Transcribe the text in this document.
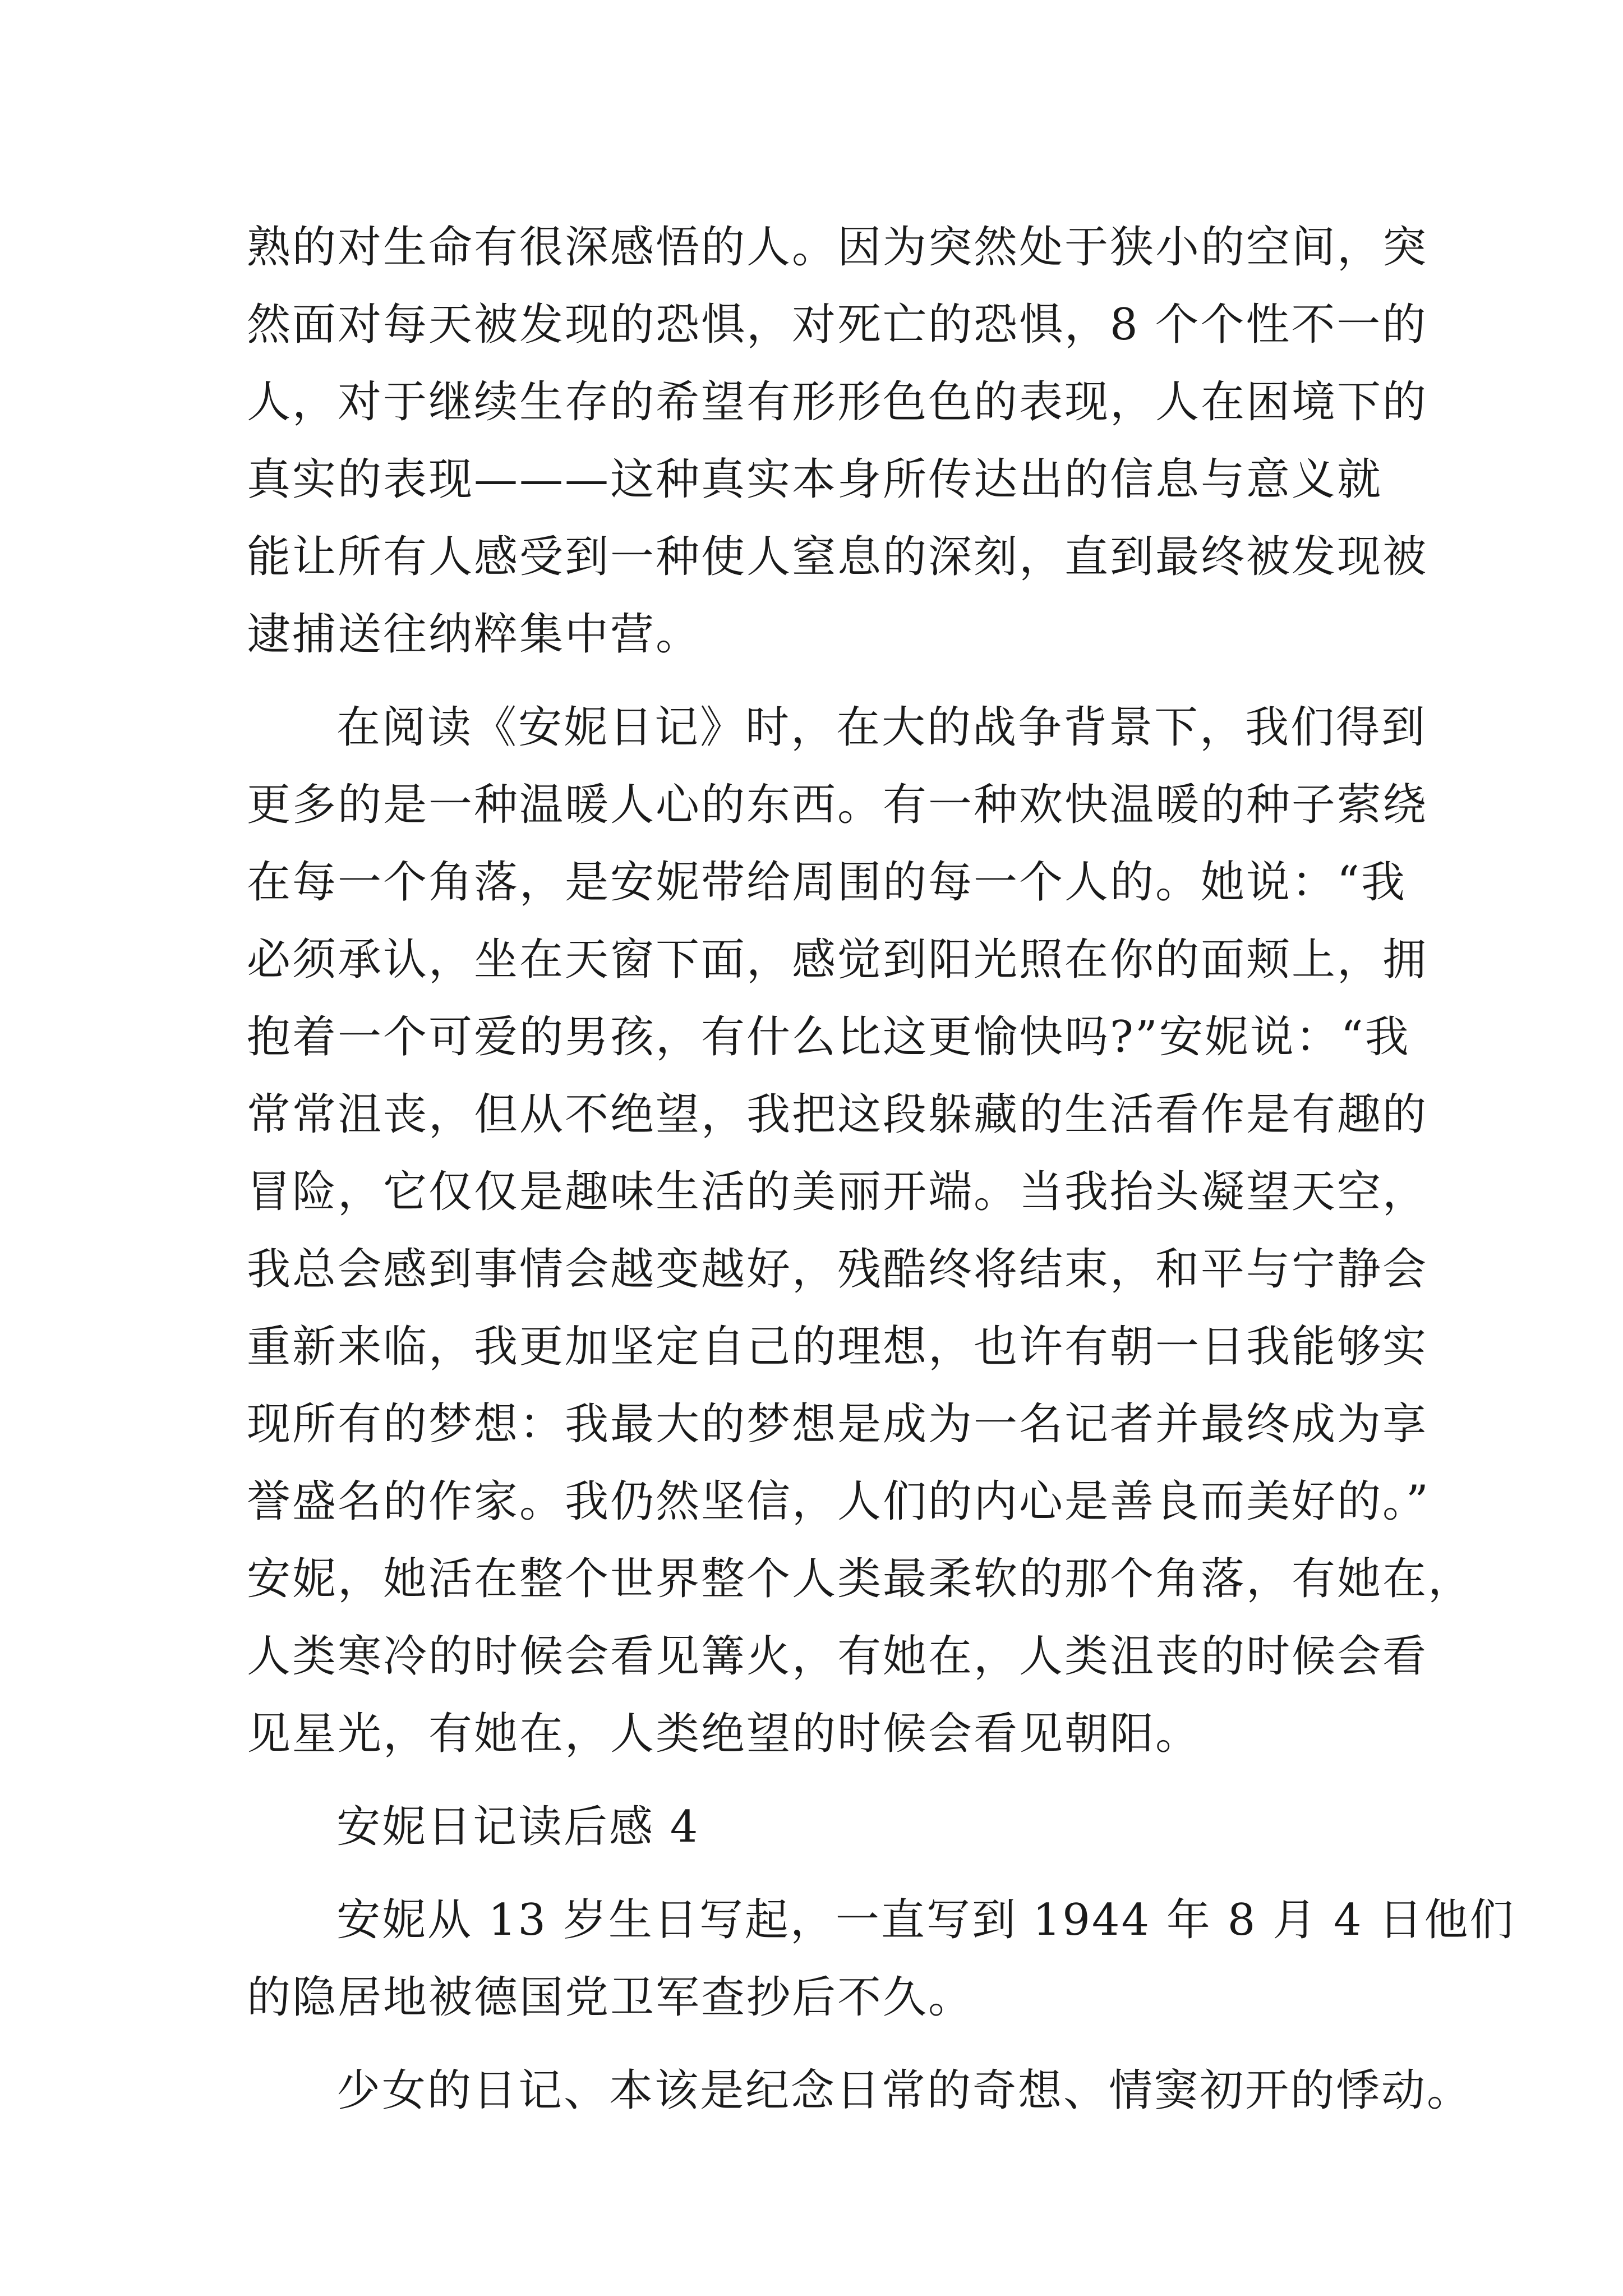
熟的对生命有很深感悟的人。因为突然处于狭小的空间，突
然面对每天被发现的恐惧，对死亡的恐惧，8 个个性不一的
人，对于继续生存的希望有形形色色的表现，人在困境下的
真实的表现———这种真实本身所传达出的信息与意义就
能让所有人感受到一种使人窒息的深刻，直到最终被发现被
逮捕送往纳粹集中营。
在阅读《安妮日记》时，在大的战争背景下，我们得到
更多的是一种温暖人心的东西。有一种欢快温暖的种子萦绕
在每一个角落，是安妮带给周围的每一个人的。她说：“我
必须承认，坐在天窗下面，感觉到阳光照在你的面颊上，拥
抱着一个可爱的男孩，有什么比这更愉快吗?”安妮说：“我
常常沮丧，但从不绝望，我把这段躲藏的生活看作是有趣的
冒险，它仅仅是趣味生活的美丽开端。当我抬头凝望天空，
我总会感到事情会越变越好，残酷终将结束，和平与宁静会
重新来临，我更加坚定自己的理想，也许有朝一日我能够实
现所有的梦想：我最大的梦想是成为一名记者并最终成为享
誉盛名的作家。我仍然坚信，人们的内心是善良而美好的。”
安妮，她活在整个世界整个人类最柔软的那个角落，有她在，
人类寒冷的时候会看见篝火，有她在，人类沮丧的时候会看
见星光，有她在，人类绝望的时候会看见朝阳。
安妮日记读后感 4
安妮从 13 岁生日写起，一直写到 1944 年 8 月 4 日他们
的隐居地被德国党卫军查抄后不久。
少女的日记、本该是纪念日常的奇想、情窦初开的悸动。
